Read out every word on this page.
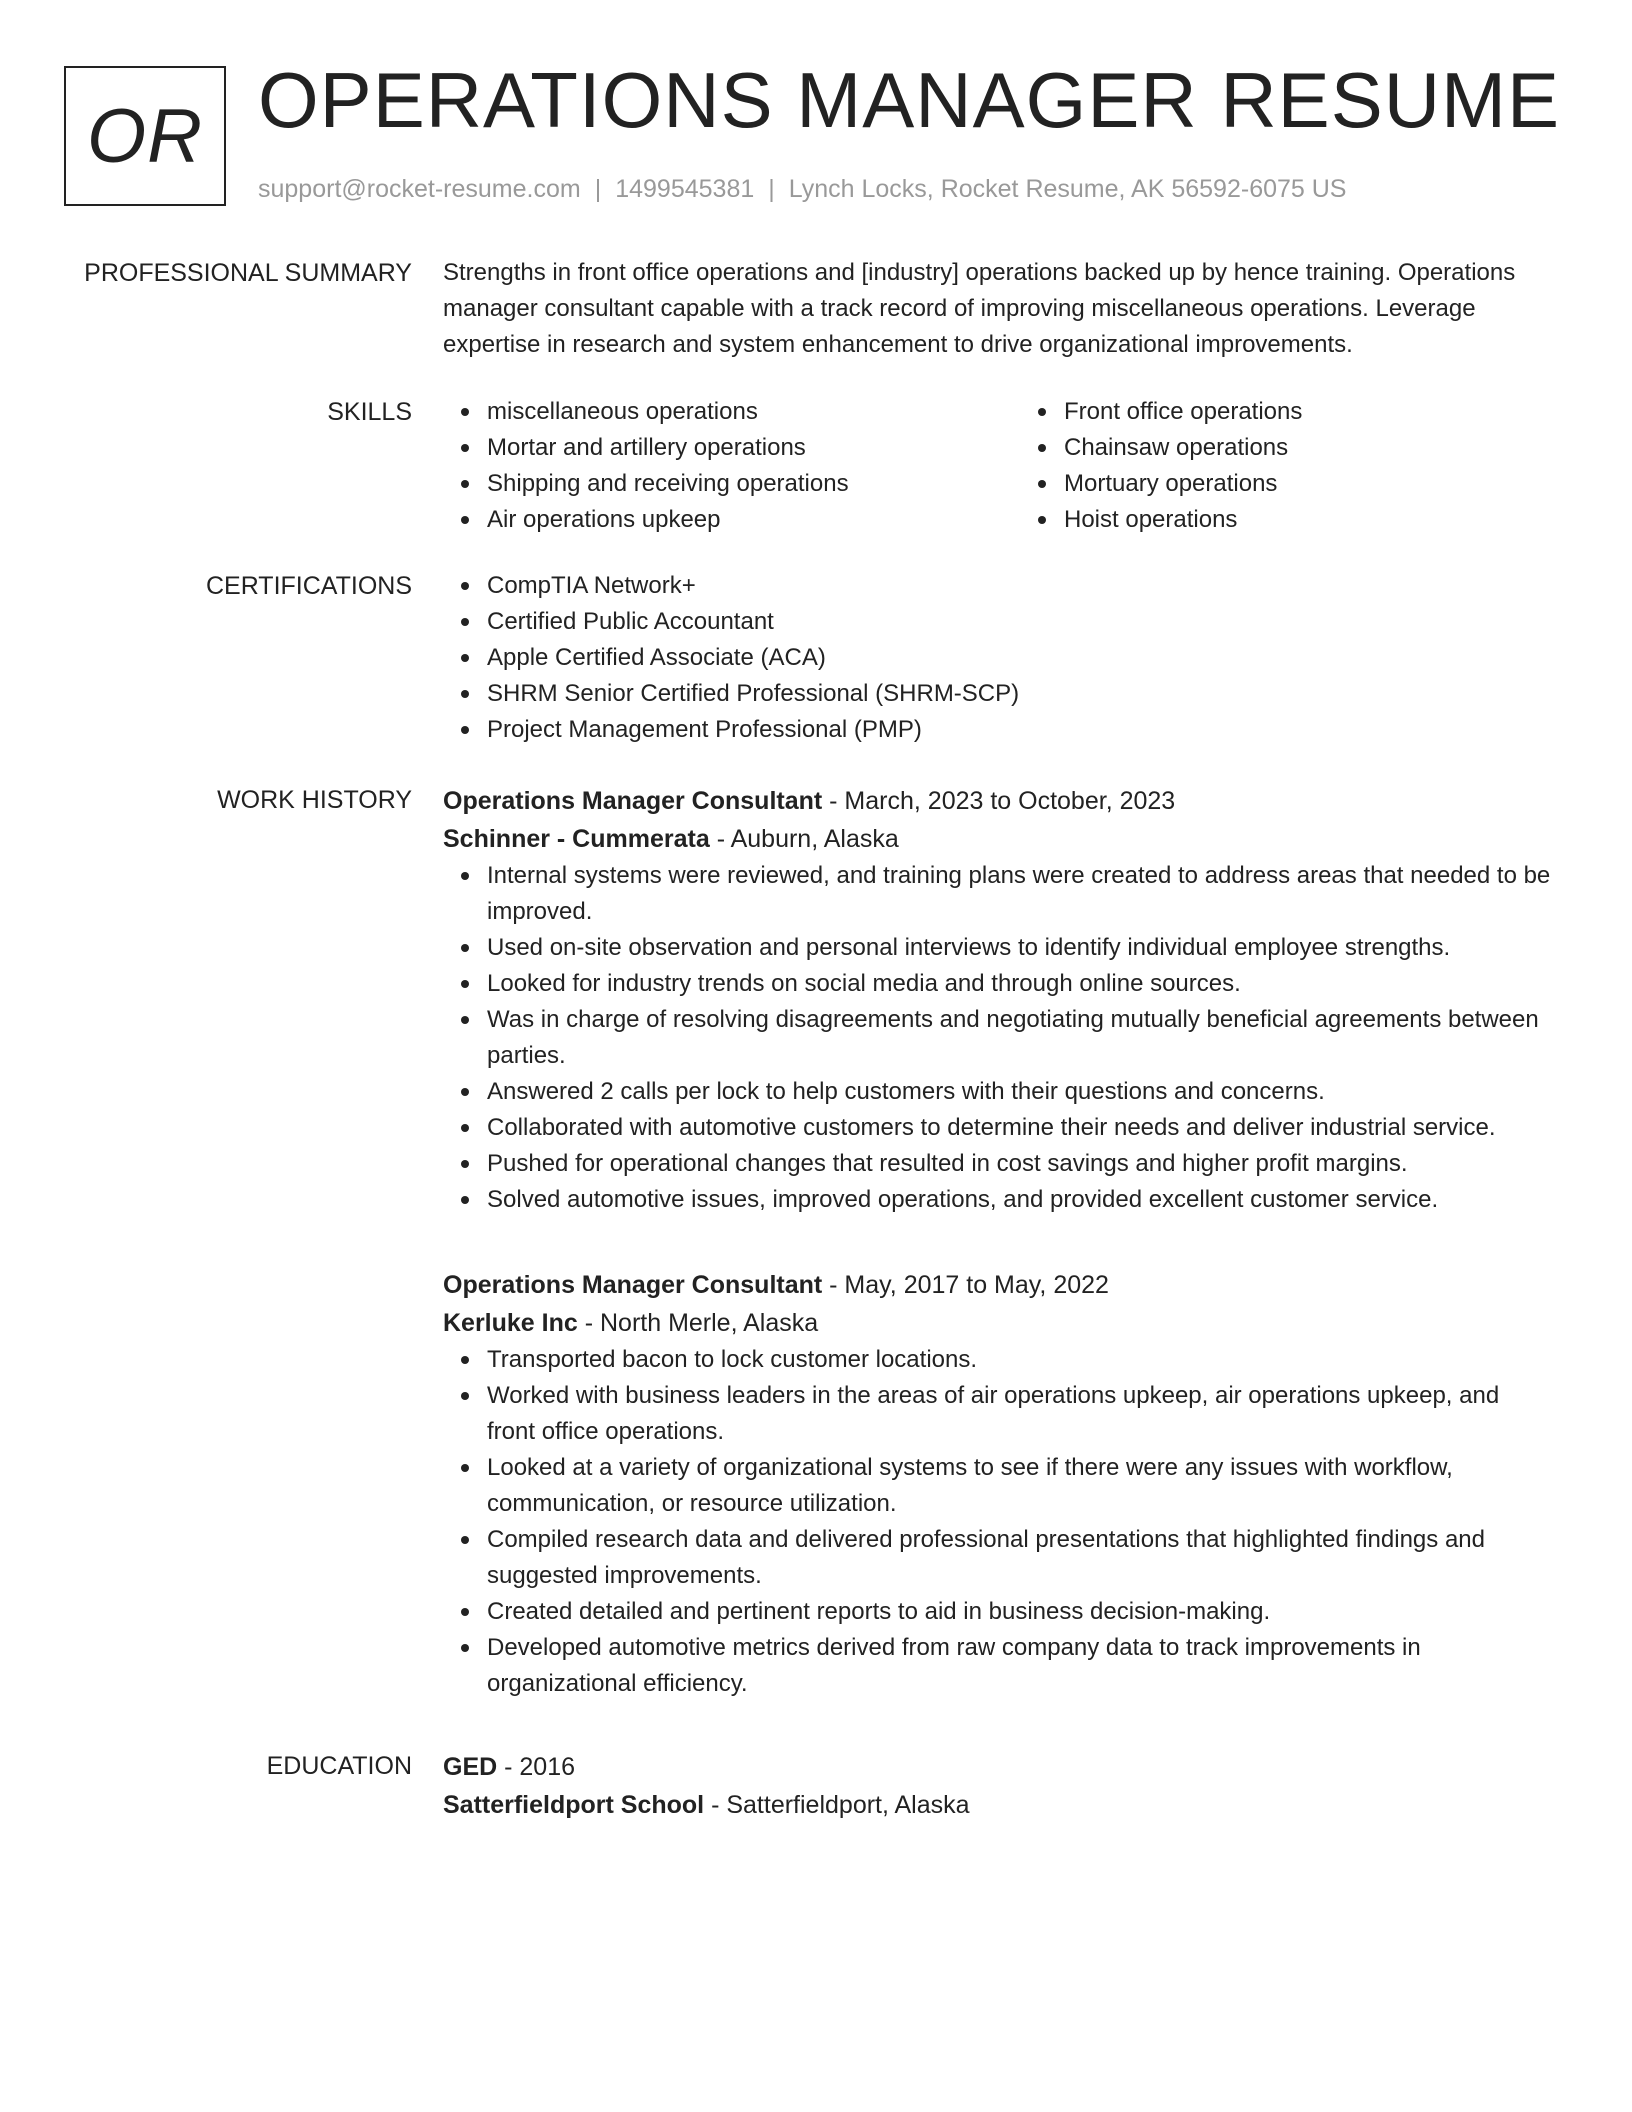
OR OPERATIONS MANAGER RESUME
support@rocket-resume.com | 1499545381 | Lynch Locks, Rocket Resume, AK 56592-6075 US
PROFESSIONAL SUMMARY Strengths in front office operations and [industry] operations backed up by hence training. Operations manager consultant capable with a track record of improving miscellaneous operations. Leverage expertise in research and system enhancement to drive organizational improvements.

SKILLS	miscellaneous operations
Mortar and artillery operations
Shipping and receiving operations
Air operations upkeep
Front office operations
Chainsaw operations
Mortuary operations
Hoist operations
CERTIFICATIONS	CompTIA Network+
Certified Public Accountant
Apple Certified Associate (ACA)
SHRM Senior Certified Professional (SHRM-SCP)
Project Management Professional (PMP)
WORK HISTORY Operations Manager Consultant - March, 2023 to October, 2023
Schinner - Cummerata - Auburn, Alaska
Internal systems were reviewed, and training plans were created to address areas that needed to be improved.
Used on-site observation and personal interviews to identify individual employee strengths.
Looked for industry trends on social media and through online sources.
Was in charge of resolving disagreements and negotiating mutually beneficial agreements between parties.
Answered 2 calls per lock to help customers with their questions and concerns.
Collaborated with automotive customers to determine their needs and deliver industrial service.
Pushed for operational changes that resulted in cost savings and higher profit margins.
Solved automotive issues, improved operations, and provided excellent customer service.
Operations Manager Consultant - May, 2017 to May, 2022
Kerluke Inc - North Merle, Alaska
Transported bacon to lock customer locations.
Worked with business leaders in the areas of air operations upkeep, air operations upkeep, and front office operations.
Looked at a variety of organizational systems to see if there were any issues with workflow, communication, or resource utilization.
Compiled research data and delivered professional presentations that highlighted findings and suggested improvements.
Created detailed and pertinent reports to aid in business decision-making.
Developed automotive metrics derived from raw company data to track improvements in organizational efficiency.
EDUCATION GED - 2016
Satterfieldport School - Satterfieldport, Alaska
